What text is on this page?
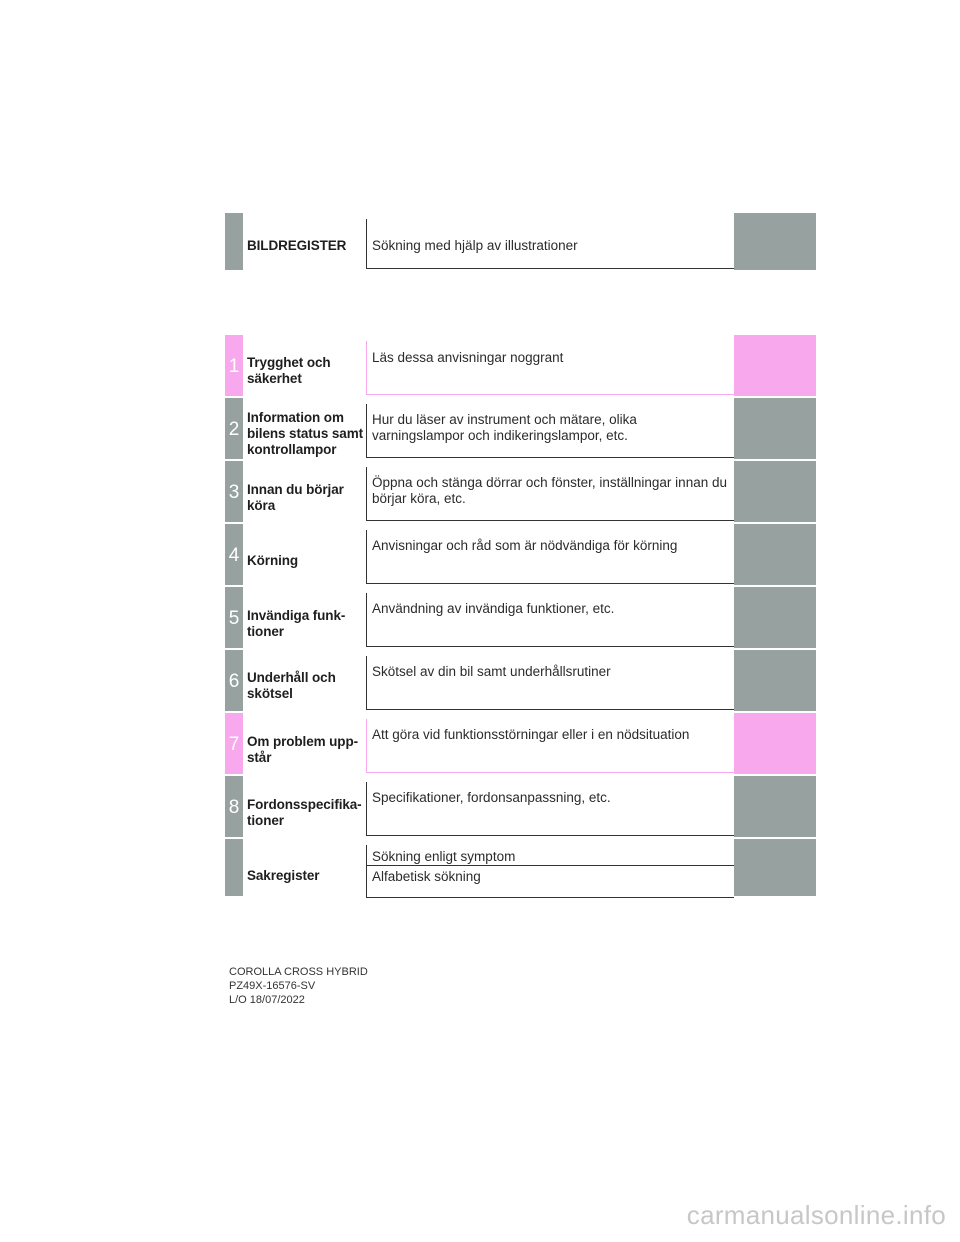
BILDREGISTER	Sökning med hjälp av illustrationer
1 Trygghet och säkerhet
Läs dessa anvisningar noggrant
2
Information om bilens status samt kontrollampor
Hur du läser av instrument och mätare, olika varningslampor och indikeringslampor, etc.
3 Innan du börjar köra
Öppna och stänga dörrar och fönster, inställningar innan du börjar köra, etc.
4 Körning
Anvisningar och råd som är nödvändiga för körning
5 Invändiga funk-tioner
Användning av invändiga funktioner, etc.
6 Underhåll och skötsel
Skötsel av din bil samt underhållsrutiner
7 Om problem upp-står
Att göra vid funktionsstörningar eller i en nödsituation
8 Fordonsspecifika-tioner
Specifikationer, fordonsanpassning, etc.
Sakregister
Sökning enligt symptom
Alfabetisk sökning
COROLLA CROSS HYBRID
PZ49X-16576-SV
L/O 18/07/2022
carmanualsonline.info
